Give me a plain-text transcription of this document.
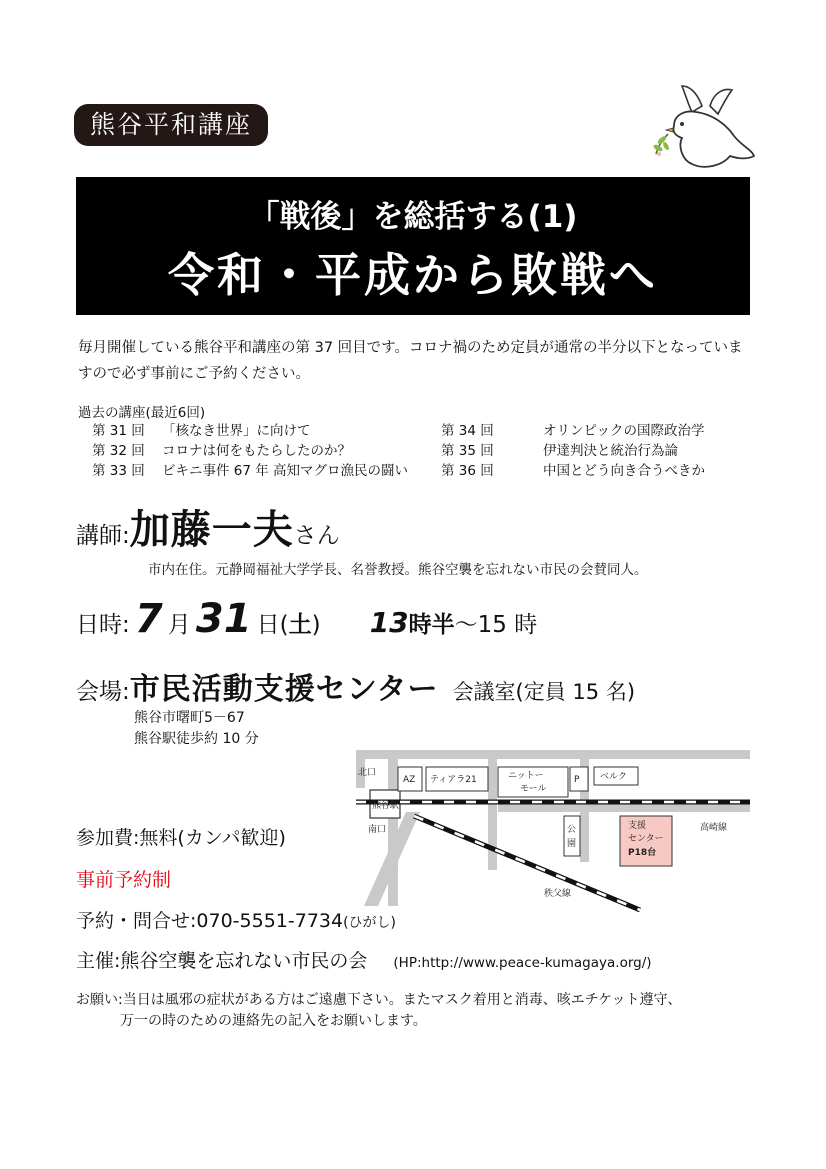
熊谷平和講座
「戦後」を総括する(1)
令和・平成から敗戦へ
毎月開催している熊谷平和講座の第 37 回目です。コロナ禍のため定員が通常の半分以下となっていますので必ず事前にご予約ください。
過去の講座(最近6回)
第 31 回 「核なき世界」に向けて	第 34 回	オリンピックの国際政治学
第 32 回 コロナは何をもたらしたのか？	第 35 回	伊達判決と統治行為論
第 33 回 ビキニ事件 67 年 高知マグロ漁民の闘い 第 36 回	中国とどう向き合うべきか
講師:加藤一夫さん
市内在住。元静岡福祉大学学長、名誉教授。熊谷空襲を忘れない市民の会賛同人。
日時: 7 月 31 日(土) 13時半～15 時
会場:市民活動支援センター 会議室(定員 15 名)
熊谷市曙町5－67
熊谷駅徒歩約 10 分
北口
AZ ティアラ21	ニットー
モール
P ベルク
熊谷駅
南口	公
園
支援
センター
P18台
高崎線
秩父線
参加費:無料(カンパ歓迎)
事前予約制
予約・問合せ:070-5551-7734(ひがし)
主催:熊谷空襲を忘れない市民の会 (HP:http://www.peace-kumagaya.org/)
お願い:当日は風邪の症状がある方はご遠慮下さい。またマスク着用と消毒、咳エチケット遵守、
万一の時のための連絡先の記入をお願いします。
